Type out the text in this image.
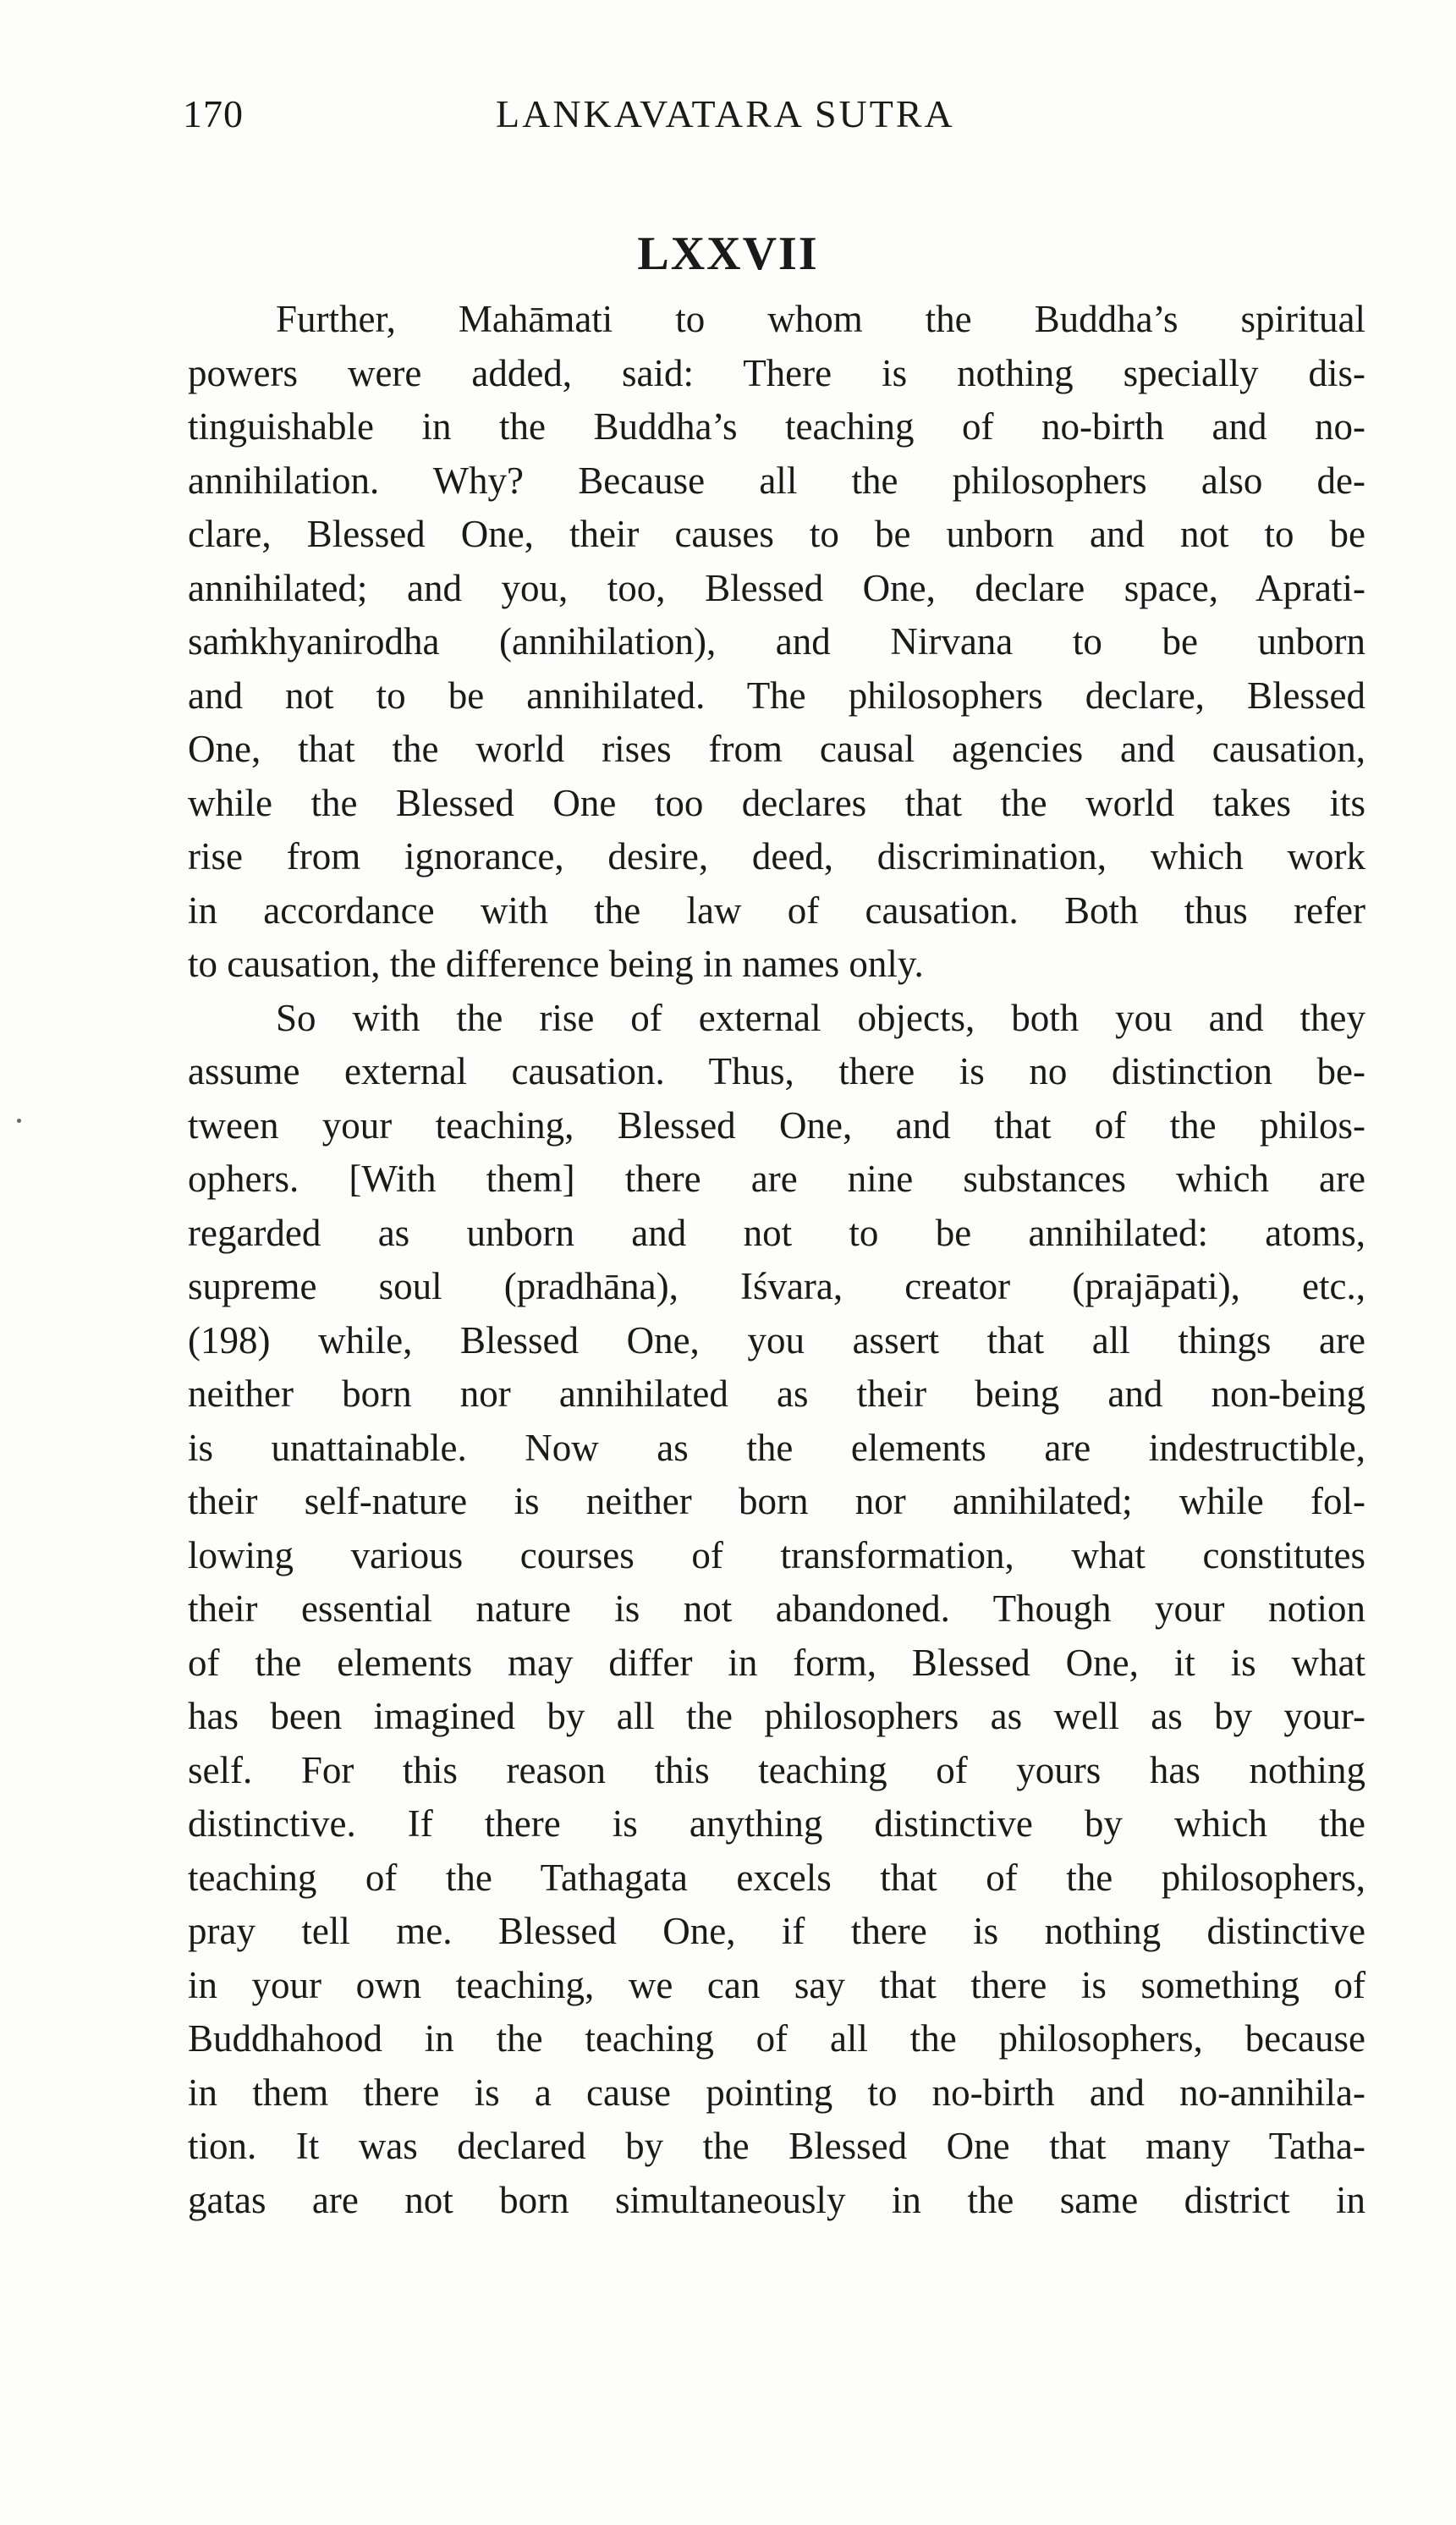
170	LANKAVATARA SUTRA
LXXVII
Further, Mahāmati to whom the Buddha’s spiritual
powers were added, said: There is nothing specially dis-
tinguishable in the Buddha’s teaching of no-birth and no-
annihilation. Why? Because all the philosophers also de-
clare, Blessed One, their causes to be unborn and not to be
annihilated; and you, too, Blessed One, declare space, Aprati-
saṁkhyanirodha (annihilation), and Nirvana to be unborn
and not to be annihilated. The philosophers declare, Blessed
One, that the world rises from causal agencies and causation,
while the Blessed One too declares that the world takes its
rise from ignorance, desire, deed, discrimination, which work
in accordance with the law of causation. Both thus refer
to causation, the difference being in names only.
So with the rise of external objects, both you and they
assume external causation. Thus, there is no distinction be-
tween your teaching, Blessed One, and that of the philos-
ophers. [With them] there are nine substances which are
regarded as unborn and not to be annihilated: atoms,
supreme soul (pradhāna), Iśvara, creator (prajāpati), etc.,
(198) while, Blessed One, you assert that all things are
neither born nor annihilated as their being and non-being
is unattainable. Now as the elements are indestructible,
their self-nature is neither born nor annihilated; while fol-
lowing various courses of transformation, what constitutes
their essential nature is not abandoned. Though your notion
of the elements may differ in form, Blessed One, it is what
has been imagined by all the philosophers as well as by your-
self. For this reason this teaching of yours has nothing
distinctive. If there is anything distinctive by which the
teaching of the Tathagata excels that of the philosophers,
pray tell me. Blessed One, if there is nothing distinctive
in your own teaching, we can say that there is something of
Buddhahood in the teaching of all the philosophers, because
in them there is a cause pointing to no-birth and no-annihila-
tion. It was declared by the Blessed One that many Tatha-
gatas are not born simultaneously in the same district in
